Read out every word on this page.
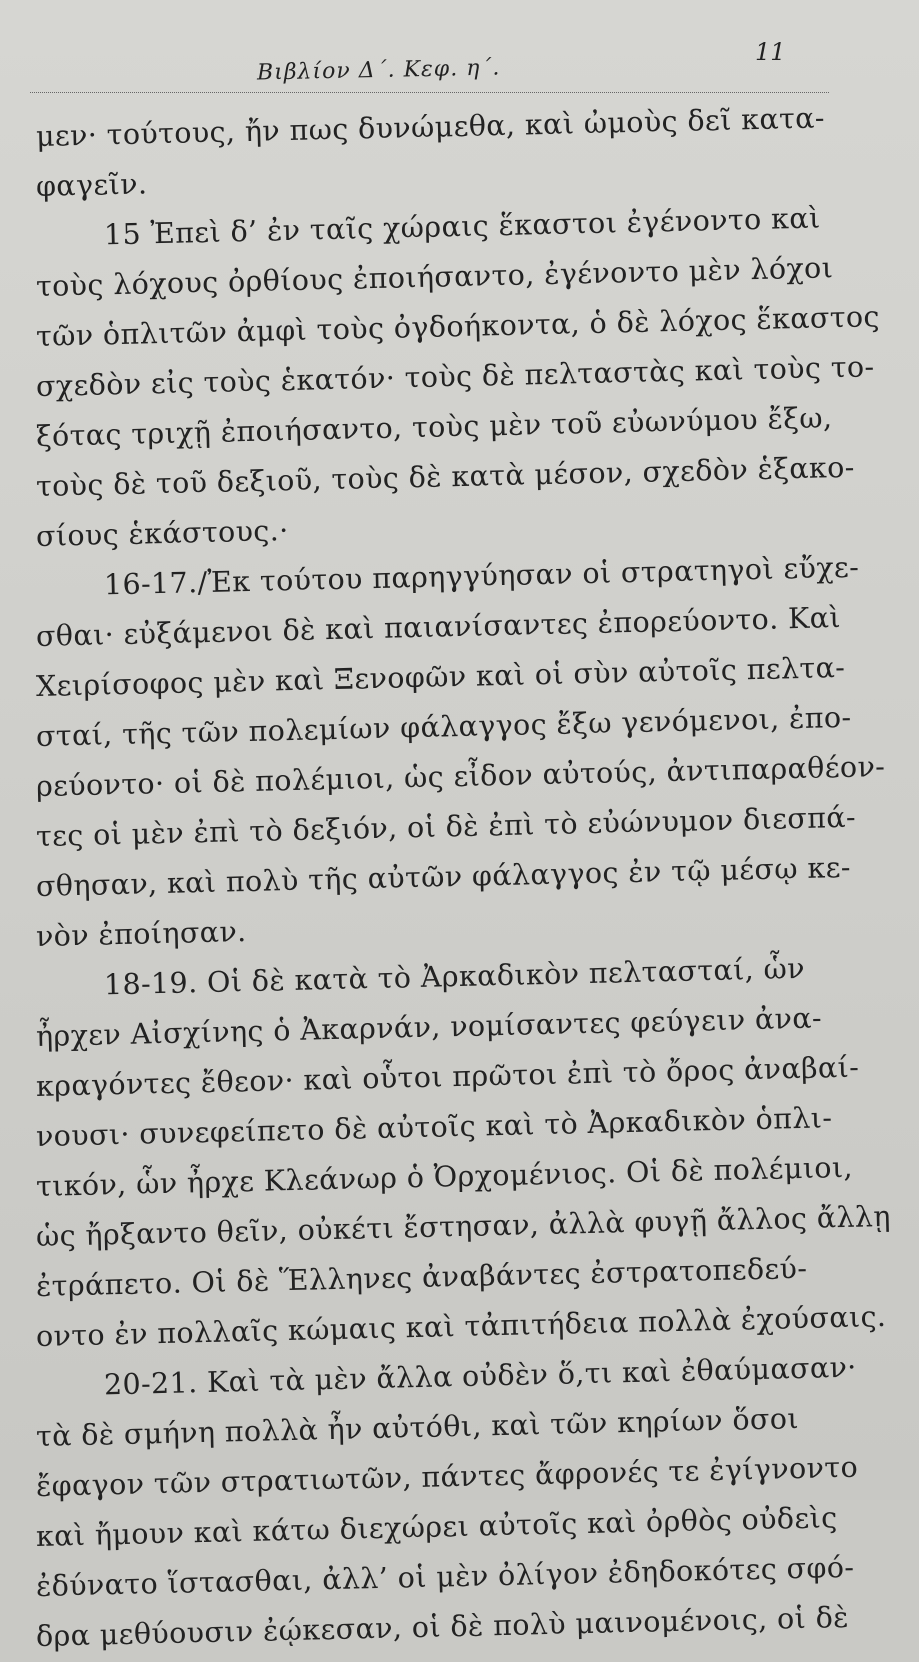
Βιβλίον Δ΄. Κεφ. η΄.
11
μεν· τούτους, ἤν πως δυνώμεθα, καὶ ὠμοὺς δεῖ κατα-
φαγεῖν.
15 Ἐπεὶ δ’ ἐν ταῖς χώραις ἕκαστοι ἐγένοντο καὶ
τοὺς λόχους ὀρθίους ἐποιήσαντο, ἐγένοντο μὲν λόχοι
τῶν ὁπλιτῶν ἀμφὶ τοὺς ὀγδοήκοντα, ὁ δὲ λόχος ἕκαστος
σχεδὸν εἰς τοὺς ἑκατόν· τοὺς δὲ πελταστὰς καὶ τοὺς το-
ξότας τριχῇ ἐποιήσαντο, τοὺς μὲν τοῦ εὐωνύμου ἔξω,
τοὺς δὲ τοῦ δεξιοῦ, τοὺς δὲ κατὰ μέσον, σχεδὸν ἑξακο-
σίους ἑκάστους.·
16-17./Ἐκ τούτου παρηγγύησαν οἱ στρατηγοὶ εὔχε-
σθαι· εὐξάμενοι δὲ καὶ παιανίσαντες ἐπορεύοντο. Καὶ
Χειρίσοφος μὲν καὶ Ξενοφῶν καὶ οἱ σὺν αὐτοῖς πελτα-
σταί, τῆς τῶν πολεμίων φάλαγγος ἔξω γενόμενοι, ἐπο-
ρεύοντο· οἱ δὲ πολέμιοι, ὡς εἶδον αὐτούς, ἀντιπαραθέον-
τες οἱ μὲν ἐπὶ τὸ δεξιόν, οἱ δὲ ἐπὶ τὸ εὐώνυμον διεσπά-
σθησαν, καὶ πολὺ τῆς αὐτῶν φάλαγγος ἐν τῷ μέσῳ κε-
νὸν ἐποίησαν.
18-19. Οἱ δὲ κατὰ τὸ Ἀρκαδικὸν πελτασταί, ὧν
ἦρχεν Αἰσχίνης ὁ Ἀκαρνάν, νομίσαντες φεύγειν ἀνα-
κραγόντες ἔθεον· καὶ οὗτοι πρῶτοι ἐπὶ τὸ ὄρος ἀναβαί-
νουσι· συνεφείπετο δὲ αὐτοῖς καὶ τὸ Ἀρκαδικὸν ὁπλι-
τικόν, ὧν ἦρχε Κλεάνωρ ὁ Ὀρχομένιος. Οἱ δὲ πολέμιοι,
ὡς ἤρξαντο θεῖν, οὐκέτι ἔστησαν, ἀλλὰ φυγῇ ἄλλος ἄλλῃ
ἐτράπετο. Οἱ δὲ Ἕλληνες ἀναβάντες ἐστρατοπεδεύ-
οντο ἐν πολλαῖς κώμαις καὶ τἀπιτήδεια πολλὰ ἐχούσαις.
20-21. Καὶ τὰ μὲν ἄλλα οὐδὲν ὅ,τι καὶ ἐθαύμασαν·
τὰ δὲ σμήνη πολλὰ ἦν αὐτόθι, καὶ τῶν κηρίων ὅσοι
ἔφαγον τῶν στρατιωτῶν, πάντες ἄφρονές τε ἐγίγνοντο
καὶ ἤμουν καὶ κάτω διεχώρει αὐτοῖς καὶ ὀρθὸς οὐδεὶς
ἐδύνατο ἵστασθαι, ἀλλ’ οἱ μὲν ὀλίγον ἐδηδοκότες σφό-
δρα μεθύουσιν ἐῴκεσαν, οἱ δὲ πολὺ μαινομένοις, οἱ δὲ
